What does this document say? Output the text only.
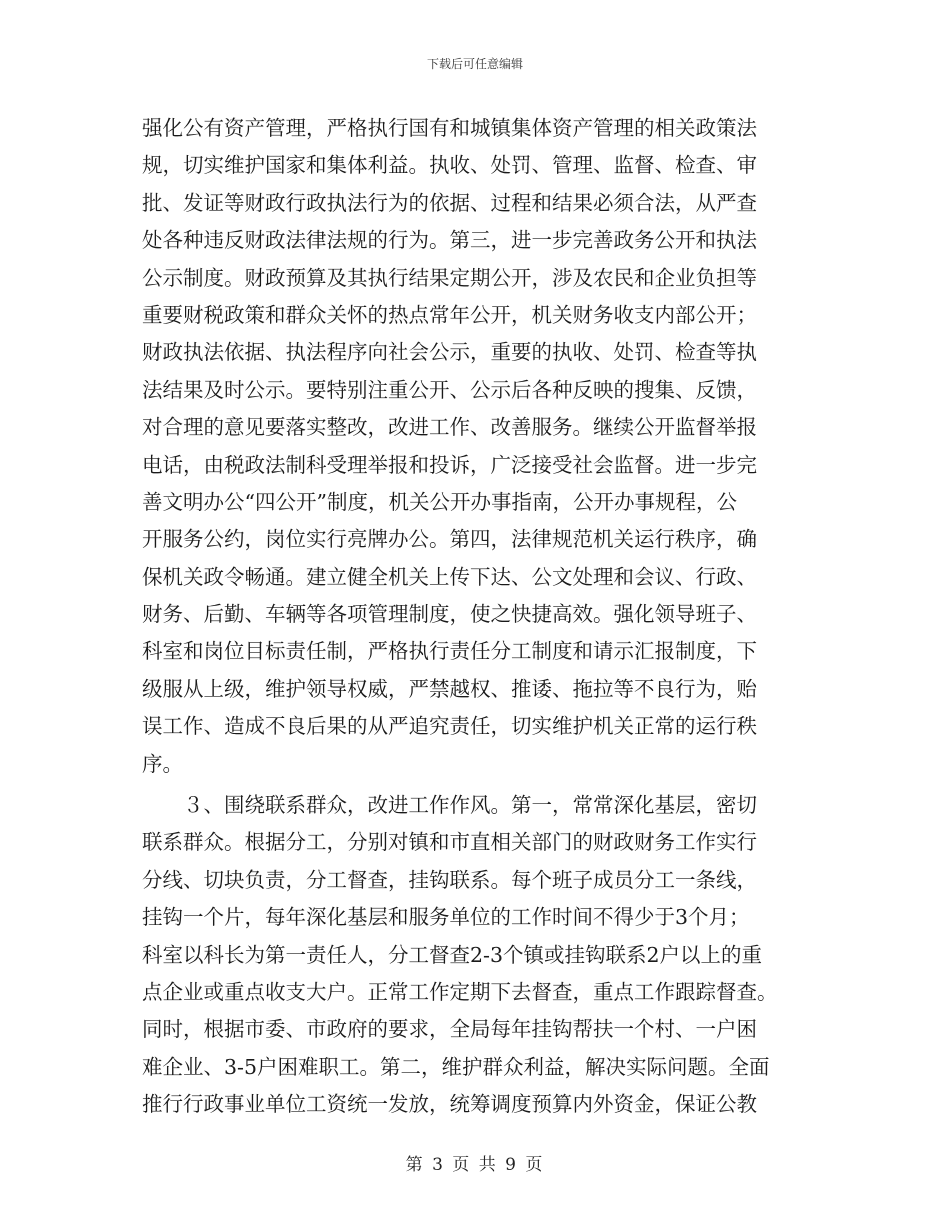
下载后可任意编辑
强化公有资产管理，严格执行国有和城镇集体资产管理的相关政策法
规，切实维护国家和集体利益。执收、处罚、管理、监督、检查、审
批、发证等财政行政执法行为的依据、过程和结果必须合法，从严查
处各种违反财政法律法规的行为。第三，进一步完善政务公开和执法
公示制度。财政预算及其执行结果定期公开，涉及农民和企业负担等
重要财税政策和群众关怀的热点常年公开，机关财务收支内部公开；
财政执法依据、执法程序向社会公示，重要的执收、处罚、检查等执
法结果及时公示。要特别注重公开、公示后各种反映的搜集、反馈，
对合理的意见要落实整改，改进工作、改善服务。继续公开监督举报
电话，由税政法制科受理举报和投诉，广泛接受社会监督。进一步完
善文明办公“四公开”制度，机关公开办事指南，公开办事规程，公
开服务公约，岗位实行亮牌办公。第四，法律规范机关运行秩序，确
保机关政令畅通。建立健全机关上传下达、公文处理和会议、行政、
财务、后勤、车辆等各项管理制度，使之快捷高效。强化领导班子、
科室和岗位目标责任制，严格执行责任分工制度和请示汇报制度，下
级服从上级，维护领导权威，严禁越权、推诿、拖拉等不良行为，贻
误工作、造成不良后果的从严追究责任，切实维护机关正常的运行秩
序。
　　３、围绕联系群众，改进工作作风。第一，常常深化基层，密切
联系群众。根据分工，分别对镇和市直相关部门的财政财务工作实行
分线、切块负责，分工督查，挂钩联系。每个班子成员分工一条线，
挂钩一个片，每年深化基层和服务单位的工作时间不得少于3个月；
科室以科长为第一责任人，分工督查2-3个镇或挂钩联系2户以上的重
点企业或重点收支大户。正常工作定期下去督查，重点工作跟踪督查。
同时，根据市委、市政府的要求，全局每年挂钩帮扶一个村、一户困
难企业、3-5户困难职工。第二，维护群众利益，解决实际问题。全面
推行行政事业单位工资统一发放，统筹调度预算内外资金，保证公教
第 3 页 共 9 页
